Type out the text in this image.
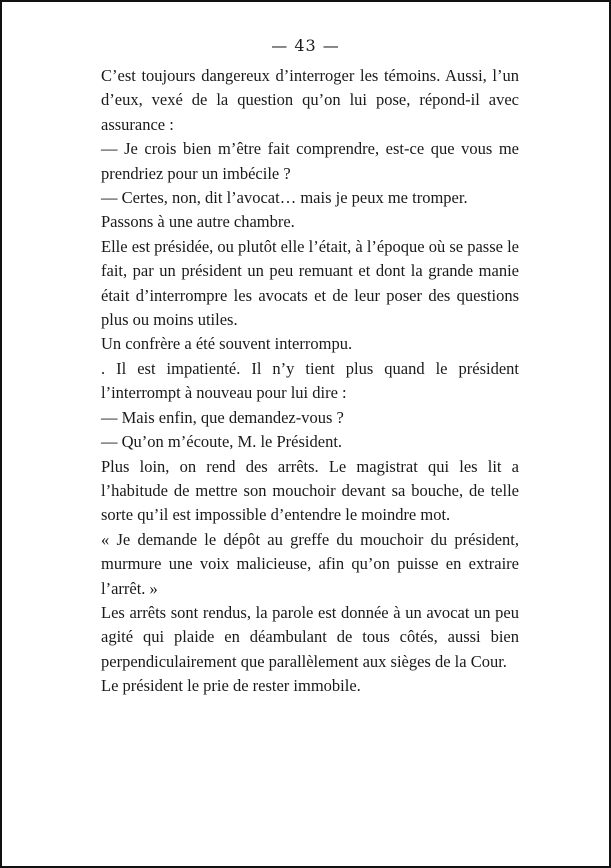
— 43 —

C’est toujours dangereux d’interroger les témoins. Aussi, l’un d’eux, vexé de la question qu’on lui pose, répond-il avec assurance :

— Je crois bien m’être fait comprendre, est-ce que vous me prendriez pour un imbécile ?

— Certes, non, dit l’avocat… mais je peux me tromper.

Passons à une autre chambre.

Elle est présidée, ou plutôt elle l’était, à l’époque où se passe le fait, par un président un peu remuant et dont la grande manie était d’interrompre les avocats et de leur poser des questions plus ou moins utiles.

Un confrère a été souvent interrompu.

. Il est impatienté. Il n’y tient plus quand le président l’interrompt à nouveau pour lui dire :

— Mais enfin, que demandez-vous ?

— Qu’on m’écoute, M. le Président.

Plus loin, on rend des arrêts. Le magistrat qui les lit a l’habitude de mettre son mouchoir devant sa bouche, de telle sorte qu’il est impossible d’entendre le moindre mot.

« Je demande le dépôt au greffe du mouchoir du président, murmure une voix malicieuse, afin qu’on puisse en extraire l’arrêt. »

Les arrêts sont rendus, la parole est donnée à un avocat un peu agité qui plaide en déambulant de tous côtés, aussi bien perpendiculairement que parallèlement aux sièges de la Cour.

Le président le prie de rester immobile.
